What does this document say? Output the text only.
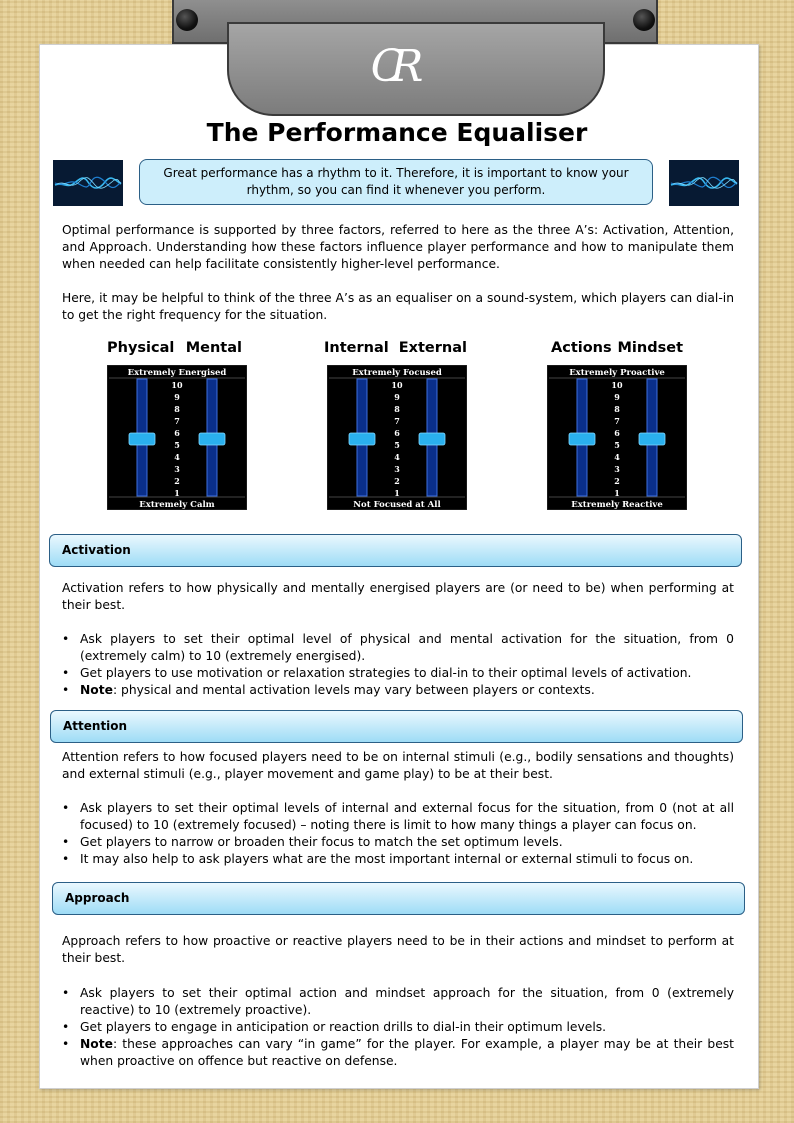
CR
The Performance Equaliser
Great performance has a rhythm to it. Therefore, it is important to know your rhythm, so you can find it whenever you perform.

Optimal performance is supported by three factors, referred to here as the three A’s: Activation, Attention, and Approach. Understanding how these factors influence player performance and how to manipulate them when needed can help facilitate consistently higher-level performance.

Here, it may be helpful to think of the three A’s as an equaliser on a sound-system, which players can dial-in to get the right frequency for the situation.

Physical Mental
Extremely Energised
Extremely Calm
10
9
8
7
6
5
4
3
2
1
Internal External
Extremely Focused
Not Focused at All
10
9
8
7
6
5
4
3
2
1
Actions Mindset
Extremely Proactive
Extremely Reactive
10
9
8
7
6
5
4
3
2
1
Activation

Activation refers to how physically and mentally energised players are (or need to be) when performing at their best.

• Ask players to set their optimal level of physical and mental activation for the situation, from 0 (extremely calm) to 10 (extremely energised).
• Get players to use motivation or relaxation strategies to dial-in to their optimal levels of activation.
• Note: physical and mental activation levels may vary between players or contexts.
Attention

Attention refers to how focused players need to be on internal stimuli (e.g., bodily sensations and thoughts) and external stimuli (e.g., player movement and game play) to be at their best.

• Ask players to set their optimal levels of internal and external focus for the situation, from 0 (not at all focused) to 10 (extremely focused) – noting there is limit to how many things a player can focus on.
• Get players to narrow or broaden their focus to match the set optimum levels.
• It may also help to ask players what are the most important internal or external stimuli to focus on.
Approach

Approach refers to how proactive or reactive players need to be in their actions and mindset to perform at their best.

• Ask players to set their optimal action and mindset approach for the situation, from 0 (extremely reactive) to 10 (extremely proactive).
• Get players to engage in anticipation or reaction drills to dial-in their optimum levels.
• Note: these approaches can vary “in game” for the player. For example, a player may be at their best when proactive on offence but reactive on defense.
